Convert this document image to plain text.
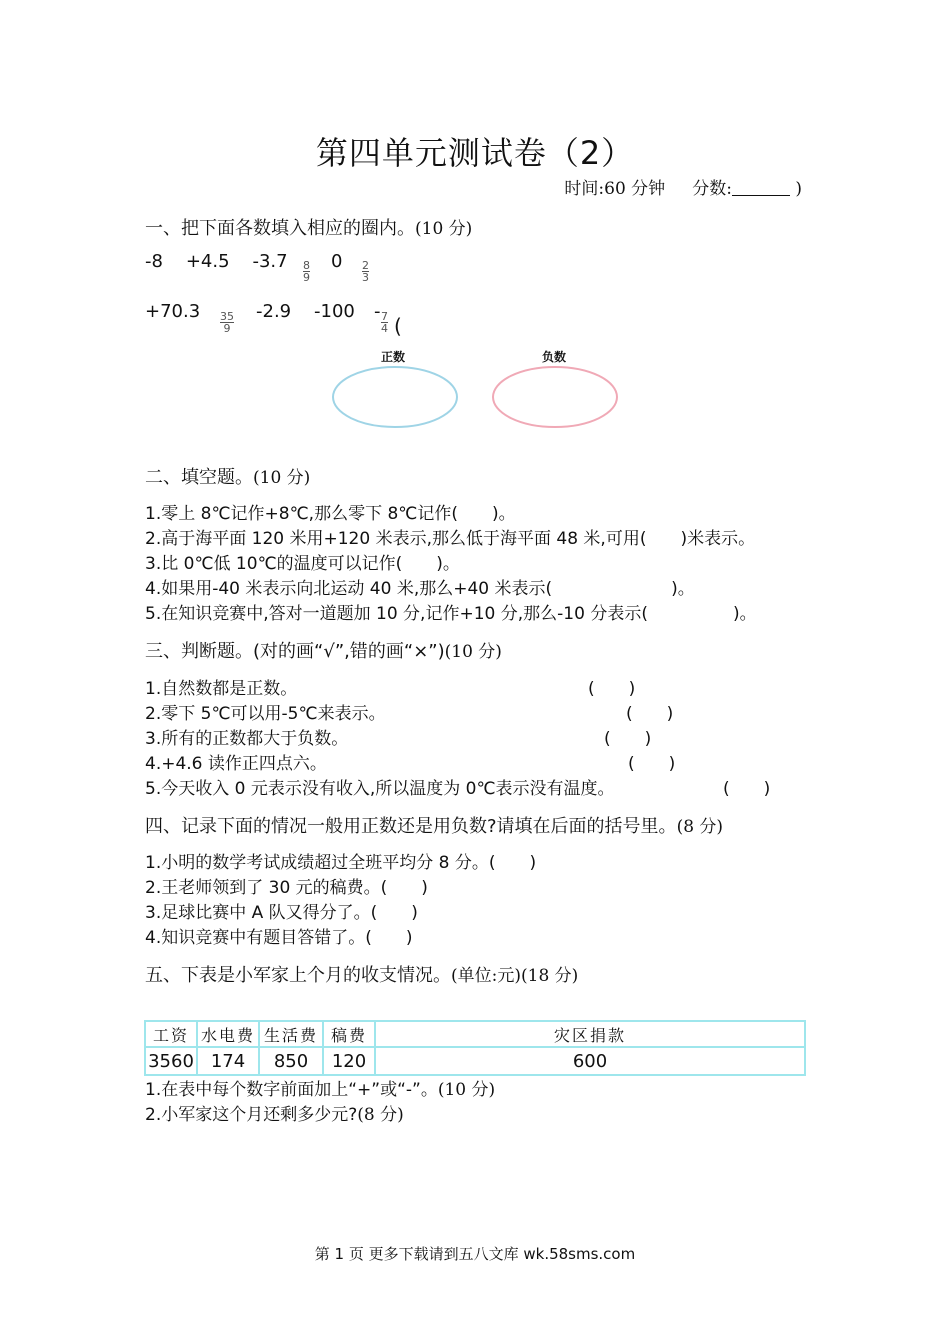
第四单元测试卷（2）
时间:60 分钟 分数:	)
一、把下面各数填入相应的圈内。(10 分)
-8 +4.5 -3.7	$\frac{8}{9} 0 \frac{2}{3}$
$+70.3 \frac{35}{9} -2.9$ $-100 - \frac{7}{4}$ (
正数	负数
二、填空题。(10 分)
1.零上 8℃记作+8℃,那么零下 8℃记作(　　)。
2.高于海平面 120 米用+120 米表示,那么低于海平面 48 米,可用(　　)米表示。
3.比 0℃低 10℃的温度可以记作(　　)。
4.如果用-40 米表示向北运动 40 米,那么+40 米表示(　　　　　　　)。
5.在知识竞赛中,答对一道题加 10 分,记作+10 分,那么-10 分表示(　　　　　)。
三、判断题。(对的画“√”,错的画“×”)(10 分)
1.自然数都是正数。	(　　)
2.零下 5℃可以用-5℃来表示。	(　　)
3.所有的正数都大于负数。	(　　)
4.+4.6 读作正四点六。	(　　)
5.今天收入 0 元表示没有收入,所以温度为 0℃表示没有温度。	(　　)
四、记录下面的情况一般用正数还是用负数?请填在后面的括号里。(8 分)
1.小明的数学考试成绩超过全班平均分 8 分。(　　)
2.王老师领到了 30 元的稿费。(　　)
3.足球比赛中 A 队又得分了。(　　)
4.知识竞赛中有题目答错了。(　　)
五、下表是小军家上个月的收支情况。(单位:元)(18 分)
工资	水电费	生活费	稿费	灾区捐款
3560	174	850	120	600
1.在表中每个数字前面加上“+”或“-”。(10 分)
2.小军家这个月还剩多少元?(8 分)
第 1 页 更多下载请到五八文库 wk.58sms.com
